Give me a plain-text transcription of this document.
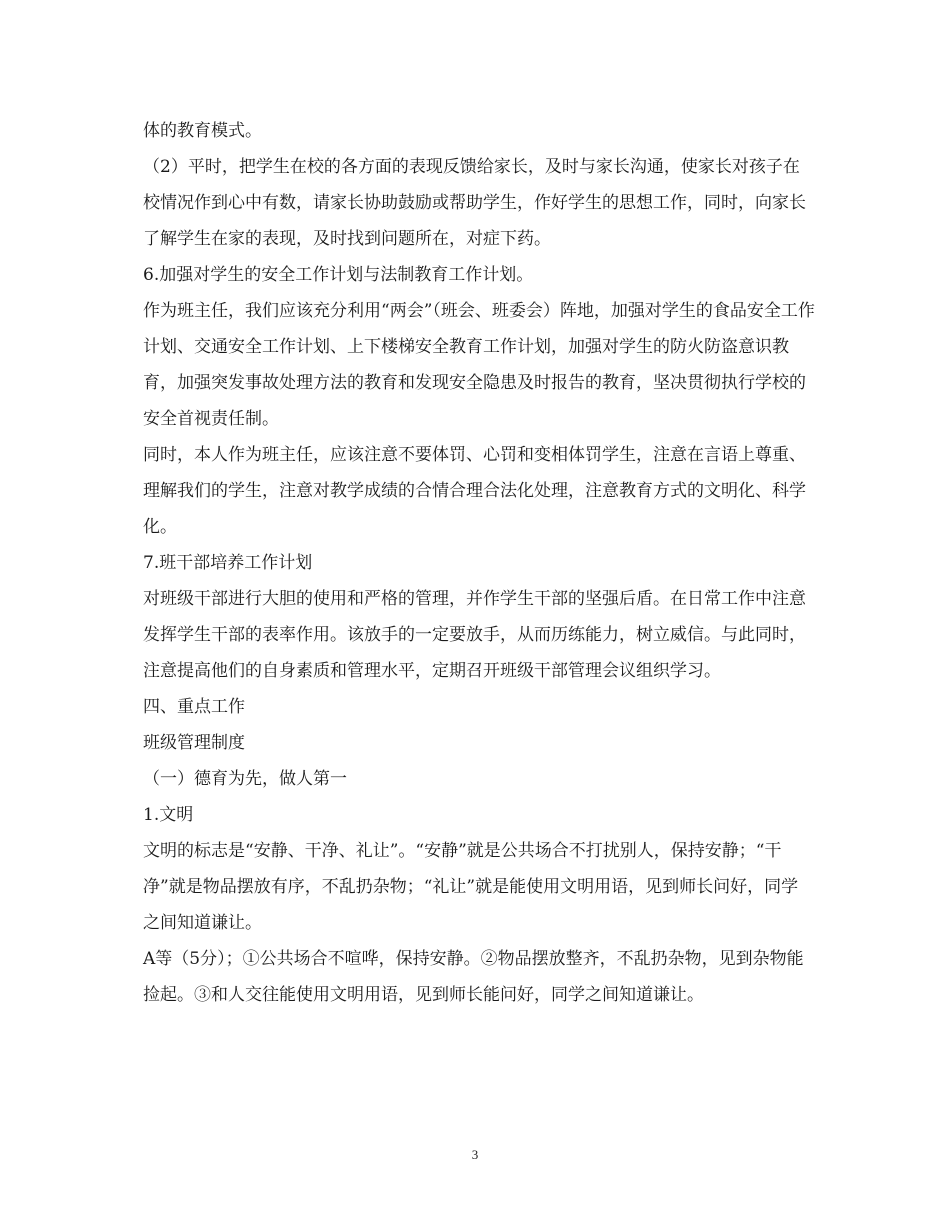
体的教育模式。

（2）平时，把学生在校的各方面的表现反馈给家长，及时与家长沟通，使家长对孩子在校情况作到心中有数，请家长协助鼓励或帮助学生，作好学生的思想工作，同时，向家长了解学生在家的表现，及时找到问题所在，对症下药。

6.加强对学生的安全工作计划与法制教育工作计划。

作为班主任，我们应该充分利用“两会”（班会、班委会）阵地，加强对学生的食品安全工作计划、交通安全工作计划、上下楼梯安全教育工作计划，加强对学生的防火防盗意识教育，加强突发事故处理方法的教育和发现安全隐患及时报告的教育，坚决贯彻执行学校的安全首视责任制。

同时，本人作为班主任，应该注意不要体罚、心罚和变相体罚学生，注意在言语上尊重、理解我们的学生，注意对教学成绩的合情合理合法化处理，注意教育方式的文明化、科学化。

7.班干部培养工作计划

对班级干部进行大胆的使用和严格的管理，并作学生干部的坚强后盾。在日常工作中注意发挥学生干部的表率作用。该放手的一定要放手，从而历练能力，树立威信。与此同时，注意提高他们的自身素质和管理水平，定期召开班级干部管理会议组织学习。

四、重点工作

班级管理制度

（一）德育为先，做人第一

1.文明

文明的标志是“安静、干净、礼让”。“安静”就是公共场合不打扰别人，保持安静；“干净”就是物品摆放有序，不乱扔杂物；“礼让”就是能使用文明用语，见到师长问好，同学之间知道谦让。

A等（5分）；①公共场合不喧哗，保持安静。②物品摆放整齐，不乱扔杂物，见到杂物能捡起。③和人交往能使用文明用语，见到师长能问好，同学之间知道谦让。

3
